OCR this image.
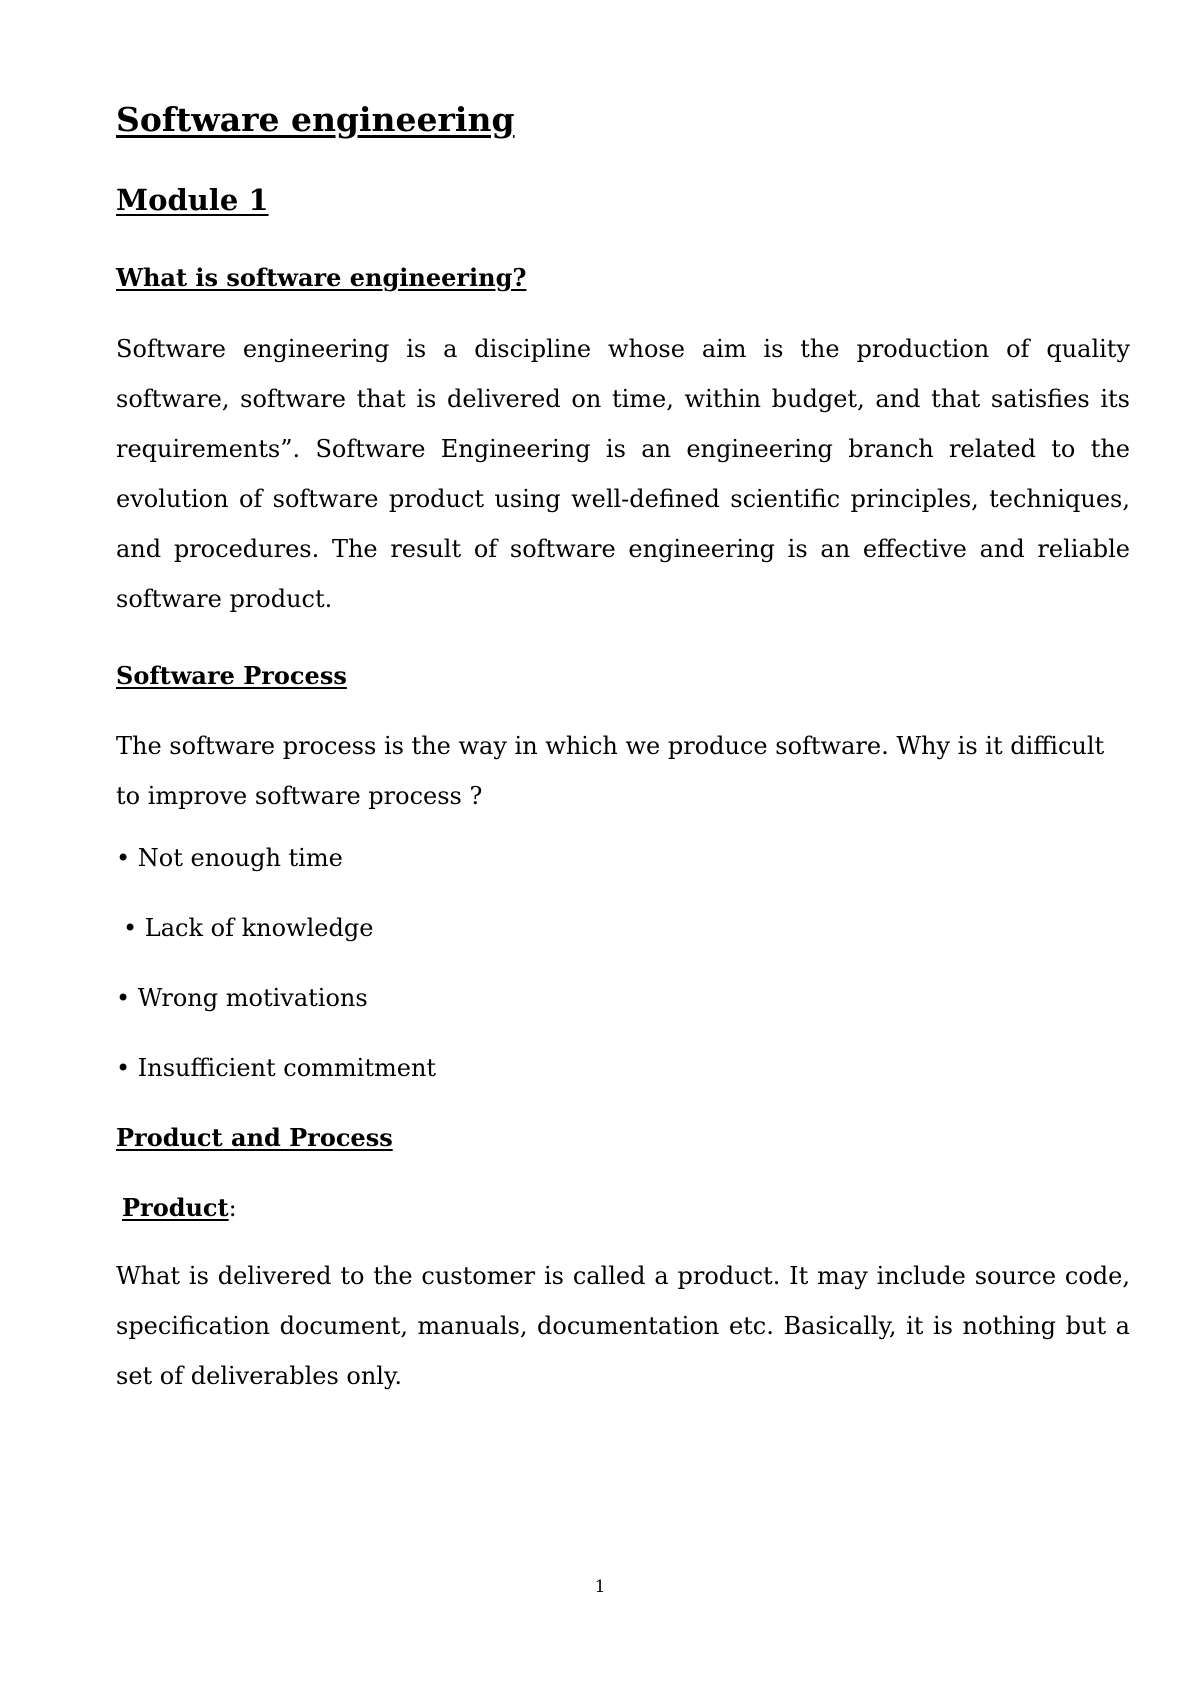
Software engineering
Module 1
What is software engineering?

Software engineering is a discipline whose aim is the production of quality software, software that is delivered on time, within budget, and that satisfies its requirements”. Software Engineering is an engineering branch related to the evolution of software product using well-defined scientific principles, techniques, and procedures. The result of software engineering is an effective and reliable software product.

Software Process

The software process is the way in which we produce software. Why is it difficult to improve software process ?

• Not enough time
• Lack of knowledge
• Wrong motivations
• Insufficient commitment
Product and Process
Product:

What is delivered to the customer is called a product. It may include source code, specification document, manuals, documentation etc. Basically, it is nothing but a set of deliverables only.

1
